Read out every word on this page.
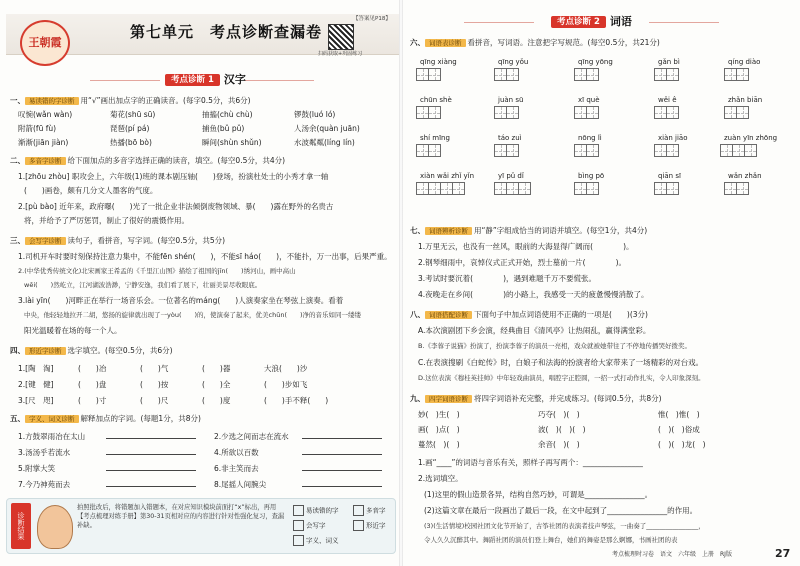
王朝霞
第七单元　考点诊断查漏卷
【答案见P18】
扫码获取+巩固练习
考点诊断 1 汉字
一、 易读错的字诊断 用“√”画出加点字的正确读音。(每字0.5分，共6分)
叹惋(wǎn wàn)	菊花(shū sū)	抽搐(chù chù)	锣鼓(luó ló)
附箭(fū fù)	琵琶(pí pá)	捕鱼(bǔ pǔ)	人汤余(quàn juān)
渐渐(jiān jiàn)	热播(bō bò)	瞬间(shùn shǔn)	水波粼粼(líng lín)
二、 多音字诊断 给下面加点的多音字选择正确的读音，填空。(每空0.5分，共4分)
1.[zhōu zhòu] 职攻会上，六年级(1)班的课本剧压轴(　　)登场，扮演杜处士的小秀才拿一轴
(　　)画卷，颇有几分文人墨客的气度。
2.[pù bào] 近年来，政府曝(　　)光了一批企业非法倾倒废物领域、暴(　　)露在野外的名贵古
将，并给予了严厉惩罚，制止了很好的震慑作用。
三、 会写字诊断 读句子，看拼音，写字词。(每空0.5分，共5分)
1.司机开车时要时刻保持注意力集中，不能fēn shén(　　)，不能sī háo(　　)，不能扑，万一出事，后果严重。
2.(中华优秀传统文化)北宋画家王希孟的《千里江山图》描绘了祖国的jīn(　　)绣河山，画中高山
wēi(　　)然屹立，江河湖波浩渺，宁静安逸，我们看了展下，壮丽美景尽收眼底。
3.lài yīn(　　)河畔正在举行一场音乐会。一位著名的máng(　　)人演奏家坐在琴弦上演奏。看着
中央，他轻轻地拉开二胡，悠扬的旋律就出现了一yòu(　　)的，使演奏了起来，优美chūn(　　)净的音乐如同一缕缕
阳光温暖着在场的每一个人。
四、 形近字诊断 选字填空。(每空0.5分，共6分)
1.[陶　淘]	(　　)冶	(　　)气	(　　)器	大浪(　　)沙
2.[键　健]	(　　)盘	(　　)按	(　　)全	(　　)步如飞
3.[尺　咫]	(　　)寸	(　　)尺	(　　)度	(　　)手不释(　　)
五、 字义、词义诊断 解释加点的字词。(每题1分，共8分)
1.方鼓翠雨冶在太山	2.少选之间而志在流水
3.汤汤乎若流水	4.所欲以百数
5.附掌大笑	6.非主笑而去
7.今乃神苑而去	8.尾摇人间腕尖
诊断结果
拍照批改后，将错题加入错题本，在对应知识模块前面打“x”标出，再用【考点梳理对练手册】第30-31页相对应的内容进行针对性强化复习，查漏补缺。
易读错的字	多音字
会写字	形近字
字义、词义
考点诊断 2 词语
六、 词语表诊断 看拼音，写词语。注意把字写规范。(每空0.5分，共21分)
qīng xiàng	qīng yǒu	qīng yōng	gǎn bì	qíng diào
chūn shè	juàn sū	xī què	wěi ê	zhǎn biān
shí mīng	táo zuì	nōng lì	xiàn jiāo	zuàn yīn zhōng
xiàn wǎi zhǐ yǐn	yī pǔ dǐ	bìng pō	qiān sī	wǎn zhǎn
七、 词语辨析诊断 用“静”字组成恰当的词语并填空。(每空1分，共4分)
1.万里无云，也没有一丝风，眼前的大海显得广阔而(　　　　)。
2.钢琴细雨中，哀悼仪式正式开始，烈士墓前一片(　　　　)。
3.考试时要沉着(　　　　)，遇到难题千万不要慌张。
4.夜晚走在乡间(　　　　)的小路上，我感受一天的疲惫慢慢消散了。
八、 词语搭配诊断 下面句子中加点词语使用不正确的一项是(　　)(3分)
A.本次演剧团下乡会演，经典曲目《清风亭》让热闹乱，赢得满堂彩。
B.《李蓉子说猫》扮演了，扮演李蓉子的演员一亮相，戏众就被她带往了不停地传播哭好拨奖。
C.在表演搜刷《白蛇传》时，白娘子和法海的扮演者给大家带来了一场精彩的对台戏。
D.这位表演《穆桂英挂帅》中年轻戏曲演员，唱腔字正腔圆，一招一式打动作扎实，令人印象深刻。
九、 四字词语诊断 将四字词语补充完整，并完成练习。(每词0.5分，共8分)
妙(　)生(　)	巧夺(　)(　)	惟(　)惟(　)
画(　)点(　)	波(　)(　)(　)	(　)(　)俗成
蔓然(　)(　)	余音(　)(　)	(　)(　)龙(　)
1.画“____”的词语与音乐有关，照样子再写两个：________________
2.选词填空。
(1)这里的假山造景各异，结构自然巧妙，可谓是________________。
(2)这篇文章在最后一段画出了最后一段，在文中起到了________________的作用。
(3)(生活情境)校园社团文化节开始了，古筝社团的表演者技声琴弦，一曲奏了________________，
令人久久沉醉其中。舞蹈社团的演员们登上舞台，她们的舞姿是那么婀娜，书画社团的表
考点梳理时习卷　语文　六年级　上册　RJ版	27
